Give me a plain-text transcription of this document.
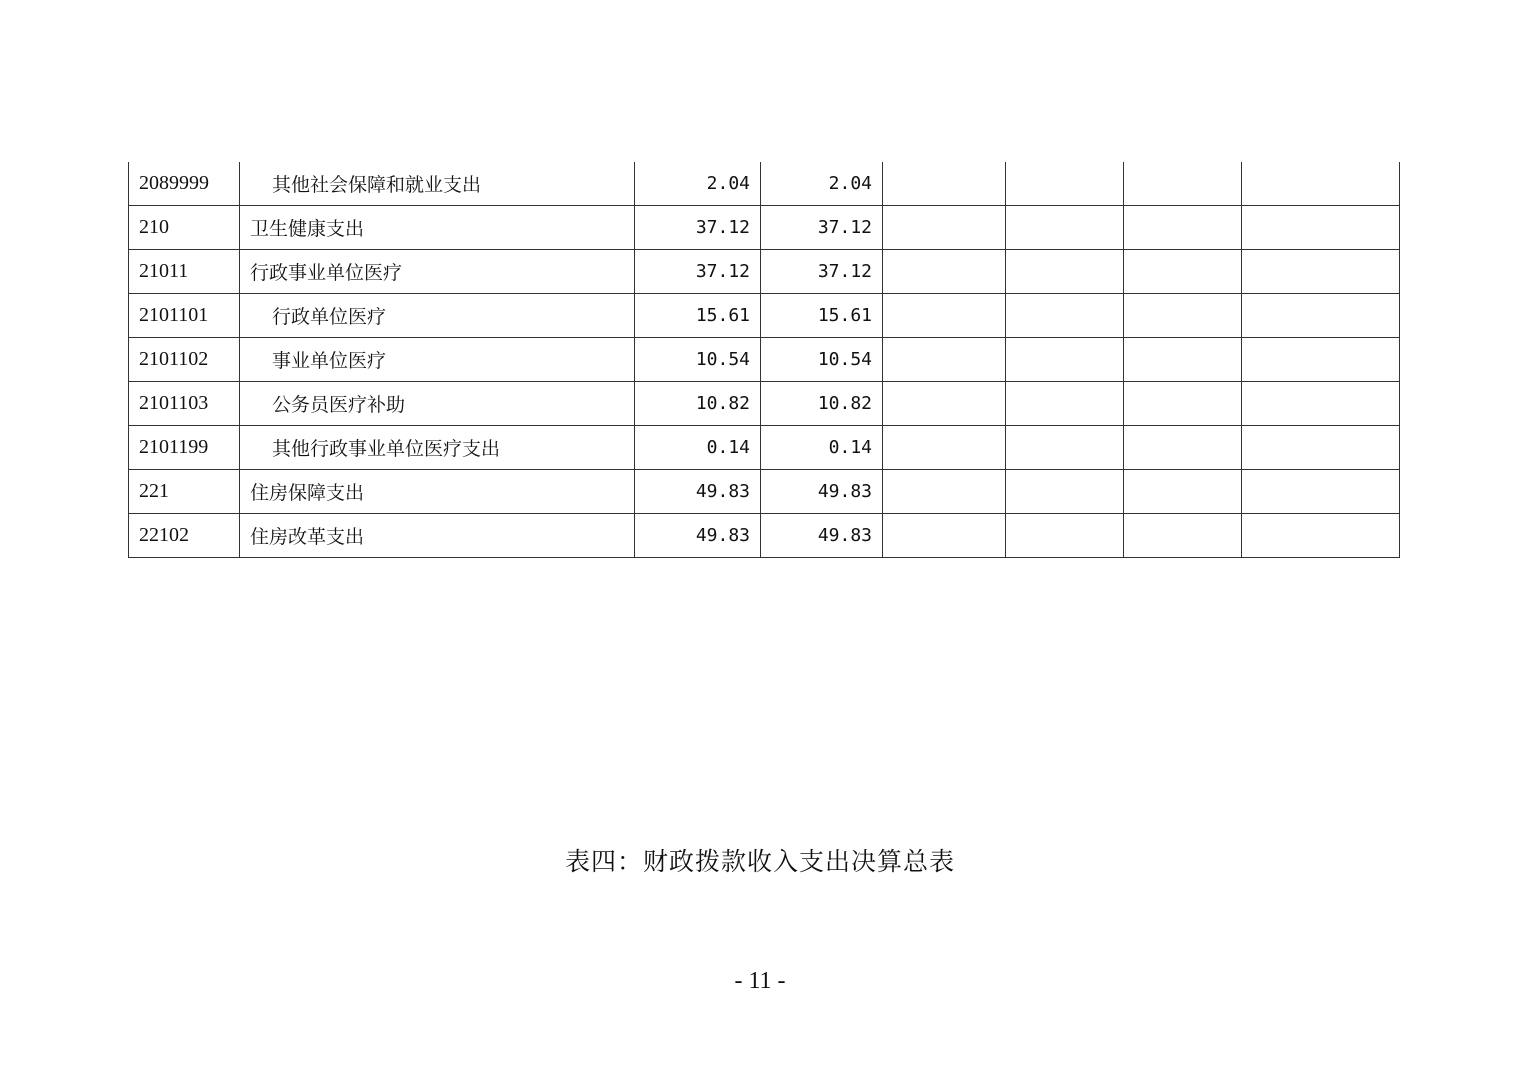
2089999	其他社会保障和就业支出	2.04	2.04				
210	卫生健康支出	37.12	37.12				
21011	行政事业单位医疗	37.12	37.12				
2101101	行政单位医疗	15.61	15.61				
2101102	事业单位医疗	10.54	10.54				
2101103	公务员医疗补助	10.82	10.82				
2101199	其他行政事业单位医疗支出	0.14	0.14				
221	住房保障支出	49.83	49.83				
22102	住房改革支出	49.83	49.83				
表四：财政拨款收入支出决算总表
- 11 -
